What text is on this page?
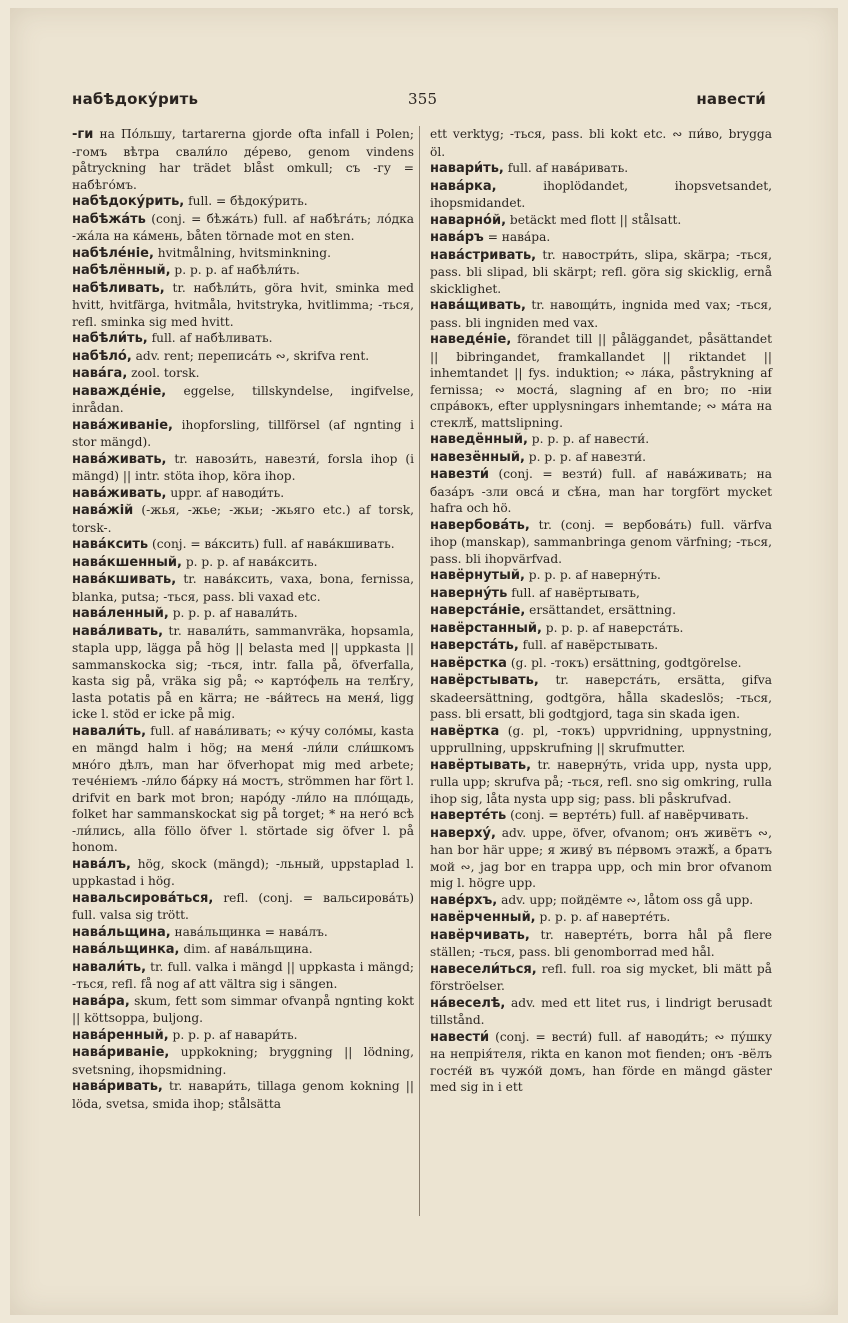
набѣдоку́рить	355	навести́

-ги на По́льшу, tartarerna gjorde ofta infall i Polen; -гомъ вѣтра свали́ло де́рево, genom vindens påtryckning har trädet blåst omkull; съ -гу = набѣго́мъ.

набѣдоку́рить, full. = бѣдоку́рить.

набѣжа́ть (conj. = бѣжа́ть) full. af набѣга́ть; ло́дка -жа́ла на ка́мень, båten törnade mot en sten.

набѣле́ніе, hvitmålning, hvitsminkning.

набѣлённый, p. p. p. af набѣли́ть.

набѣливать, tr. набѣли́ть, göra hvit, sminka med hvitt, hvitfärga, hvitmåla, hvitstryka, hvitlimma; -ться, refl. sminka sig med hvitt.

набѣли́ть, full. af набѣливать.

набѣло́, adv. rent; переписа́ть ∾, skrifva rent.

нава́га, zool. torsk.

наважде́ніе, eggelse, tillskyndelse, ingifvelse, inrådan.

нава́живаніе, ihopforsling, tillförsel (af ngnting i stor mängd).

нава́живать, tr. навози́ть, навезти́, forsla ihop (i mängd) || intr. stöta ihop, köra ihop.

нава́живать, uppr. af наводи́ть.

нава́жій (-жья, -жье; -жьи; -жьяго etc.) af torsk, torsk-.

нава́ксить (conj. = ва́ксить) full. af нава́кшивать.

нава́кшенный, p. p. p. af нава́ксить.

нава́кшивать, tr. нава́ксить, vaxa, bona, fernissa, blanka, putsa; -ться, pass. bli vaxad etc.

нава́ленный, p. p. p. af навали́ть.

нава́ливать, tr. навали́ть, sammanvräka, hopsamla, stapla upp, lägga på hög || belasta med || uppkasta || sammanskocka sig; -ться, intr. falla på, öfverfalla, kasta sig på, vräka sig på; ∾ карто́фель на телѣ́гу, lasta potatis på en kärra; не -ва́йтесь на меня́, ligg icke l. stöd er icke på mig.

навали́ть, full. af нава́ливать; ∾ ку́чу соло́мы, kasta en mängd halm i hög; на меня́ -ли́ли сли́шкомъ мно́го дѣлъ, man har öfverhopat mig med arbete; тече́ніемъ -ли́ло ба́рку на́ мостъ, strömmen har fört l. drifvit en bark mot bron; наро́ду -ли́ло на пло́щадь, folket har sammanskockat sig på torget; * на него́ всѣ -ли́лись, alla föllo öfver l. störtade sig öfver l. på honom.

нава́лъ, hög, skock (mängd); -льный, uppstaplad l. uppkastad i hög.

навальсирова́ться, refl. (conj. = вальсирова́ть) full. valsa sig trött.

нава́льщина, нава́льщинка = нава́лъ.

нава́льщинка, dim. af нава́льщина.

навали́ть, tr. full. valka i mängd || uppkasta i mängd; -ться, refl. få nog af att vältra sig i sängen.

нава́ра, skum, fett som simmar ofvanpå ngnting kokt || köttsoppa, buljong.

нава́ренный, p. p. p. af навари́ть.

нава́риваніе, uppkokning; bryggning || lödning, svetsning, ihopsmidning.

нава́ривать, tr. навари́ть, tillaga genom kokning || löda, svetsa, smida ihop; stålsätta

ett verktyg; -ться, pass. bli kokt etc. ∾ пи́во, brygga öl.

навари́ть, full. af нава́ривать.

нава́рка, ihoplödandet, ihopsvetsandet, ihopsmidandet.

наварно́й, betäckt med flott || stålsatt.

нава́ръ = нава́ра.

нава́стривать, tr. навостри́ть, slipa, skärpa; -ться, pass. bli slipad, bli skärpt; refl. göra sig skicklig, ernå skicklighet.

нава́щивать, tr. навощи́ть, ingnida med vax; -ться, pass. bli ingniden med vax.

наведе́ніе, förandet till || påläggandet, påsättandet || bibringandet, framkallandet || riktandet || inhemtandet || fys. induktion; ∾ ла́ка, påstrykning af fernissa; ∾ моста́, slagning af en bro; по -ніи спра́вокъ, efter upplysningars inhemtande; ∾ ма́та на стеклѣ́, mattslipning.

наведённый, p. p. p. af навести́.

навезённый, p. p. p. af навезти́.

навезти́ (conj. = везти́) full. af нава́живать; на база́ръ -зли овса́ и сѣ́на, man har torgfört mycket hafra och hö.

навербова́ть, tr. (conj. = вербова́ть) full. värfva ihop (manskap), sammanbringa genom värfning; -ться, pass. bli ihopvärfvad.

навёрнутый, p. p. p. af наверну́ть.

наверну́ть full. af навёртывать,

наверста́ніе, ersättandet, ersättning.

навёрстанный, p. p. p. af наверста́ть.

наверста́ть, full. af навёрстывать.

навёрстка (g. pl. -токъ) ersättning, godtgörelse.

навёрстывать, tr. наверста́ть, ersätta, gifva skadeersättning, godtgöra, hålla skadeslös; -ться, pass. bli ersatt, bli godtgjord, taga sin skada igen.

навёртка (g. pl, -токъ) uppvridning, uppnystning, upprullning, uppskrufning || skrufmutter.

навёртывать, tr. наверну́ть, vrida upp, nysta upp, rulla upp; skrufva på; -ться, refl. sno sig omkring, rulla ihop sig, låta nysta upp sig; pass. bli påskrufvad.

наверте́ть (conj. = верте́ть) full. af навёрчивать.

наверху́, adv. uppe, öfver, ofvanom; онъ живётъ ∾, han bor här uppe; я живу́ въ пе́рвомъ этажѣ́, а братъ мой ∾, jag bor en trappa upp, och min bror ofvanom mig l. högre upp.

наве́рхъ, adv. upp; пойдёмте ∾, låtom oss gå upp.

навёрченный, p. p. p. af наверте́ть.

навёрчивать, tr. наверте́ть, borra hål på flere ställen; -ться, pass. bli genomborrad med hål.

навесели́ться, refl. full. roa sig mycket, bli mätt på förströelser.

на́веселѣ, adv. med ett litet rus, i lindrigt berusadt tillstånd.

навести́ (conj. = вести́) full. af наводи́ть; ∾ пу́шку на непрія́теля, rikta en kanon mot fienden; онъ -вёлъ госте́й въ чужо́й домъ, han förde en mängd gäster med sig in i ett
